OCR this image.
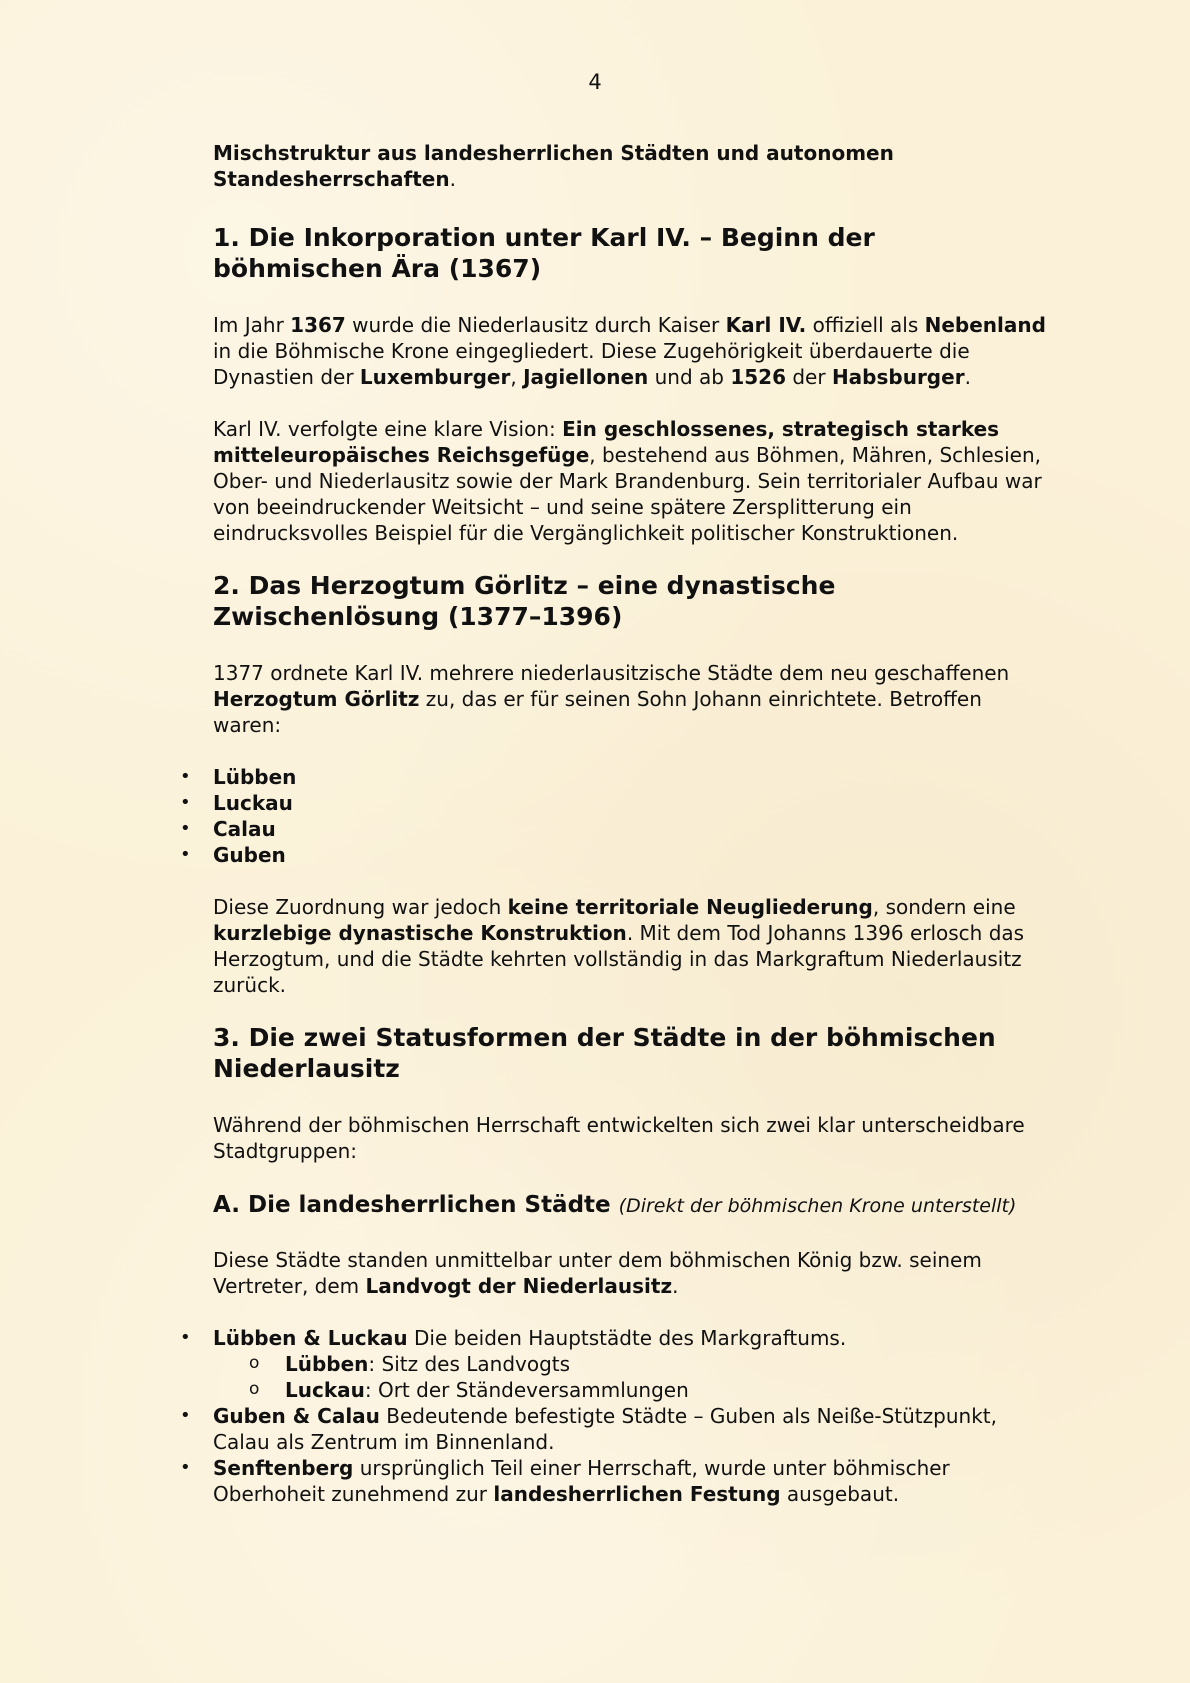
4

Mischstruktur aus landesherrlichen Städten und autonomen Standesherrschaften.

1. Die Inkorporation unter Karl IV. – Beginn der böhmischen Ära (1367)

Im Jahr 1367 wurde die Niederlausitz durch Kaiser Karl IV. offiziell als Nebenland in die Böhmische Krone eingegliedert. Diese Zugehörigkeit überdauerte die Dynastien der Luxemburger, Jagiellonen und ab 1526 der Habsburger.

Karl IV. verfolgte eine klare Vision: Ein geschlossenes, strategisch starkes mitteleuropäisches Reichsgefüge, bestehend aus Böhmen, Mähren, Schlesien, Ober- und Niederlausitz sowie der Mark Brandenburg. Sein territorialer Aufbau war von beeindruckender Weitsicht – und seine spätere Zersplitterung ein eindrucksvolles Beispiel für die Vergänglichkeit politischer Konstruktionen.

2. Das Herzogtum Görlitz – eine dynastische Zwischenlösung (1377–1396)

1377 ordnete Karl IV. mehrere niederlausitzische Städte dem neu geschaffenen Herzogtum Görlitz zu, das er für seinen Sohn Johann einrichtete. Betroffen waren:

• Lübben
• Luckau
• Calau
• Guben

Diese Zuordnung war jedoch keine territoriale Neugliederung, sondern eine kurzlebige dynastische Konstruktion. Mit dem Tod Johanns 1396 erlosch das Herzogtum, und die Städte kehrten vollständig in das Markgraftum Niederlausitz zurück.

3. Die zwei Statusformen der Städte in der böhmischen Niederlausitz

Während der böhmischen Herrschaft entwickelten sich zwei klar unterscheidbare Stadtgruppen:

A. Die landesherrlichen Städte (Direkt der böhmischen Krone unterstellt)

Diese Städte standen unmittelbar unter dem böhmischen König bzw. seinem Vertreter, dem Landvogt der Niederlausitz.

• Lübben & Luckau Die beiden Hauptstädte des Markgraftums.
o Lübben: Sitz des Landvogts
o Luckau: Ort der Ständeversammlungen
• Guben & Calau Bedeutende befestigte Städte – Guben als Neiße-Stützpunkt, Calau als Zentrum im Binnenland.
• Senftenberg ursprünglich Teil einer Herrschaft, wurde unter böhmischer Oberhoheit zunehmend zur landesherrlichen Festung ausgebaut.
